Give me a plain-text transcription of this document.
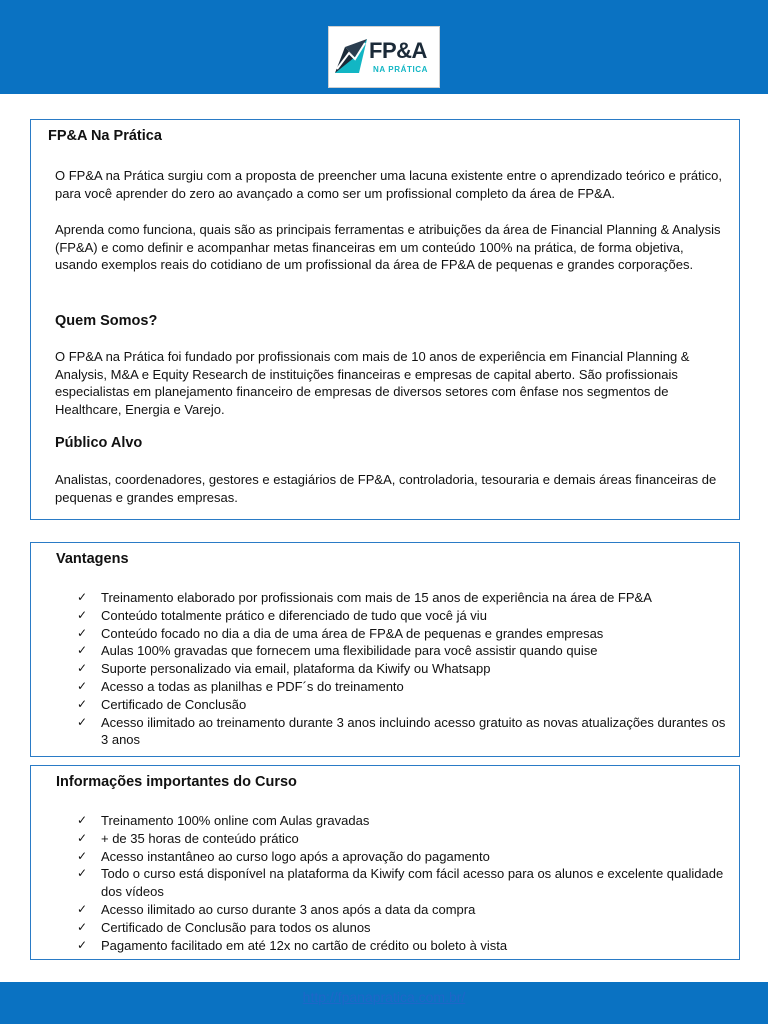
FP&A
NA PRÁTICA
FP&A Na Prática

O FP&A na Prática surgiu com a proposta de preencher uma lacuna existente entre o aprendizado teórico e prático, para você aprender do zero ao avançado a como ser um profissional completo da área de FP&A.

Aprenda como funciona, quais são as principais ferramentas e atribuições da área de Financial Planning & Analysis (FP&A) e como definir e acompanhar metas financeiras em um conteúdo 100% na prática, de forma objetiva, usando exemplos reais do cotidiano de um profissional da área de FP&A de pequenas e grandes corporações.

Quem Somos?

O FP&A na Prática foi fundado por profissionais com mais de 10 anos de experiência em Financial Planning & Analysis, M&A e Equity Research de instituições financeiras e empresas de capital aberto. São profissionais especialistas em planejamento financeiro de empresas de diversos setores com ênfase nos segmentos de Healthcare, Energia e Varejo.

Público Alvo

Analistas, coordenadores, gestores e estagiários de FP&A, controladoria, tesouraria e demais áreas financeiras de pequenas e grandes empresas.

Vantagens
✓ Treinamento elaborado por profissionais com mais de 15 anos de experiência na área de FP&A
✓ Conteúdo totalmente prático e diferenciado de tudo que você já viu
✓ Conteúdo focado no dia a dia de uma área de FP&A de pequenas e grandes empresas
✓ Aulas 100% gravadas que fornecem uma flexibilidade para você assistir quando quise
✓ Suporte personalizado via email, plataforma da Kiwify ou Whatsapp
✓ Acesso a todas as planilhas e PDF´s do treinamento
✓ Certificado de Conclusão
✓ Acesso ilimitado ao treinamento durante 3 anos incluindo acesso gratuito as novas atualizações durantes os 3 anos
Informações importantes do Curso
✓ Treinamento 100% online com Aulas gravadas
✓ + de 35 horas de conteúdo prático
✓ Acesso instantâneo ao curso logo após a aprovação do pagamento
✓ Todo o curso está disponível na plataforma da Kiwify com fácil acesso para os alunos e excelente qualidade dos vídeos
✓ Acesso ilimitado ao curso durante 3 anos após a data da compra
✓ Certificado de Conclusão para todos os alunos
✓ Pagamento facilitado em até 12x no cartão de crédito ou boleto à vista
http://fpanapratica.com.br/
